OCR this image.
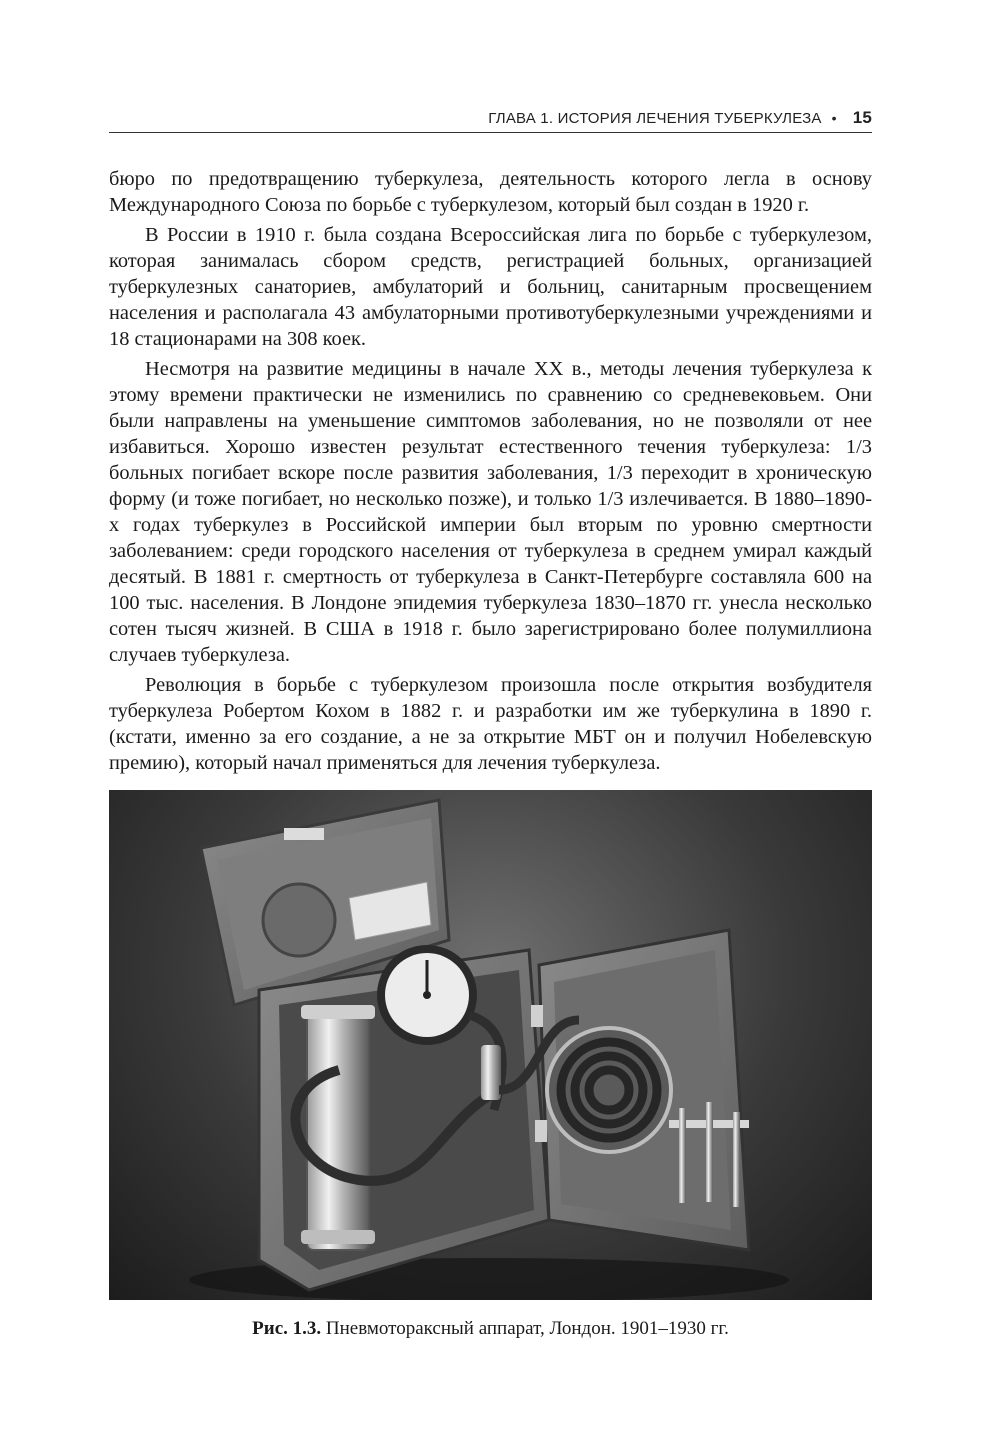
ГЛАВА 1. ИСТОРИЯ ЛЕЧЕНИЯ ТУБЕРКУЛЕЗА • 15

бюро по предотвращению туберкулеза, деятельность которого легла в основу Международного Союза по борьбе с туберкулезом, который был создан в 1920 г.

В России в 1910 г. была создана Всероссийская лига по борьбе с туберкулезом, которая занималась сбором средств, регистрацией больных, организацией туберкулезных санаториев, амбулаторий и больниц, санитарным просвещением населения и располагала 43 амбулаторными противотуберкулезными учреждениями и 18 стационарами на 308 коек.

Несмотря на развитие медицины в начале XX в., методы лечения туберкулеза к этому времени практически не изменились по сравнению со средневековьем. Они были направлены на уменьшение симптомов заболевания, но не позволяли от нее избавиться. Хорошо известен результат естественного течения туберкулеза: 1/3 больных погибает вскоре после развития заболевания, 1/3 переходит в хроническую форму (и тоже погибает, но несколько позже), и только 1/3 излечивается. В 1880–1890-х годах туберкулез в Российской империи был вторым по уровню смертности заболеванием: среди городского населения от туберкулеза в среднем умирал каждый десятый. В 1881 г. смертность от туберкулеза в Санкт-Петербурге составляла 600 на 100 тыс. населения. В Лондоне эпидемия туберкулеза 1830–1870 гг. унесла несколько сотен тысяч жизней. В США в 1918 г. было зарегистрировано более полумиллиона случаев туберкулеза.

Революция в борьбе с туберкулезом произошла после открытия возбудителя туберкулеза Робертом Кохом в 1882 г. и разработки им же туберкулина в 1890 г. (кстати, именно за его создание, а не за открытие МБТ он и получил Нобелевскую премию), который начал применяться для лечения туберкулеза.

Рис. 1.3. Пневмотораксный аппарат, Лондон. 1901–1930 гг.
